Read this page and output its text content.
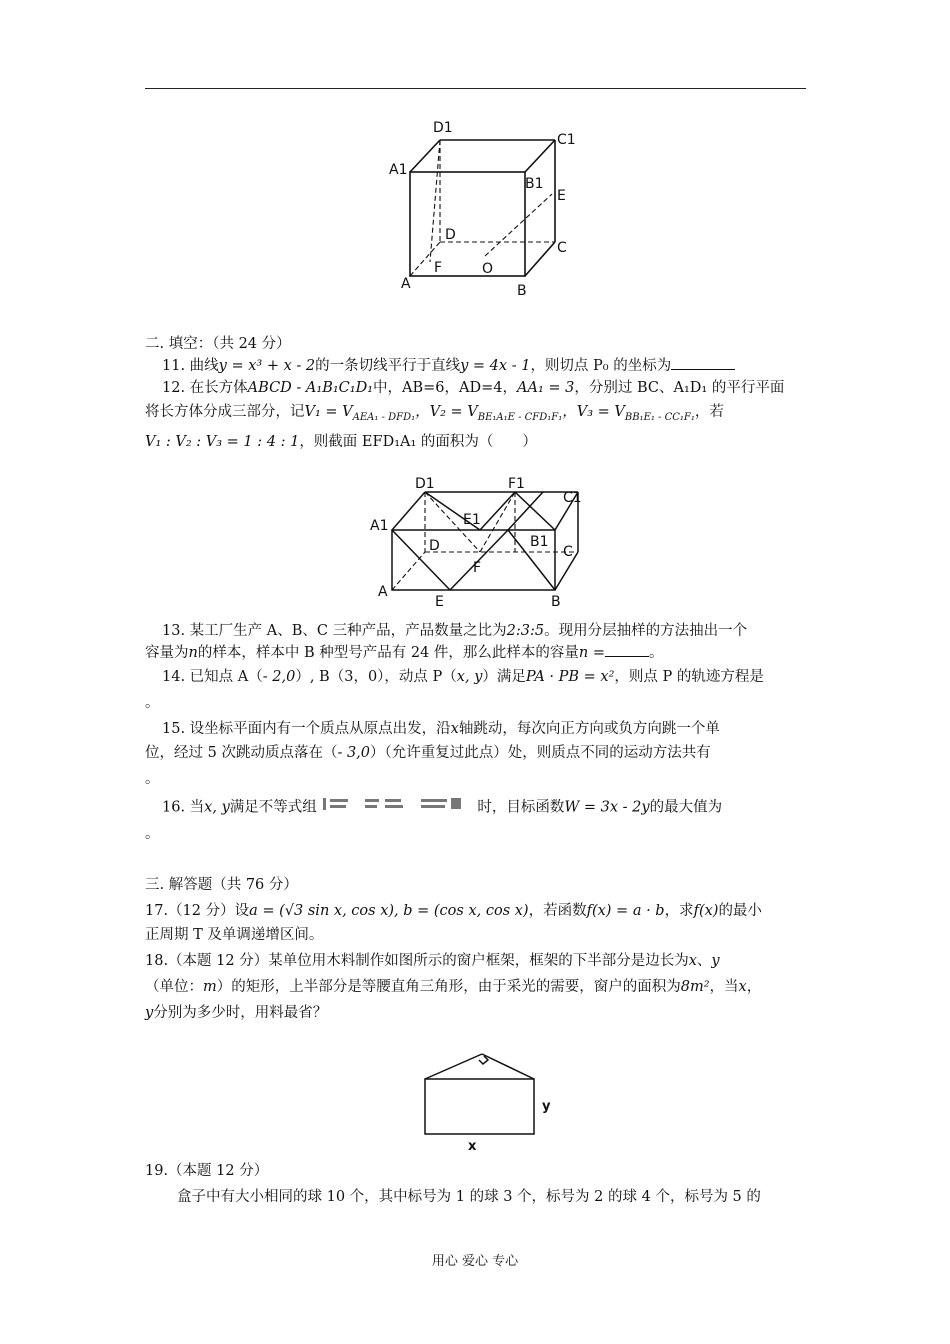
D1
C1
A1
B1
E
D
C
A
F	O
B
二. 填空：（共 24 分）
11. 曲线y = x³ + x - 2的一条切线平行于直线y = 4x - 1，则切点 P₀ 的坐标为
12. 在长方体ABCD - A₁B₁C₁D₁中，AB=6，AD=4，AA₁ = 3，分别过 BC、A₁D₁ 的平行平面
将长方体分成三部分，记$V_1 = V_{AEA_1 - DFD_1}$，$V_2 = V_{BE_1A_1E - CFD_1F_1}$，$V_3 = V_{BB_1E_1 - CC_1F_1}$，若
V₁ : V₂ : V₃ = 1 : 4 : 1，则截面 EFD₁A₁ 的面积为（　　）
D1	F1
C1
A1	E1
B1
D	C
F
A
E	B
13. 某工厂生产 A、B、C 三种产品，产品数量之比为2:3:5。现用分层抽样的方法抽出一个
容量为n的样本，样本中 B 种型号产品有 24 件，那么此样本的容量n =	。
14. 已知点 A（- 2,0）, B（3，0），动点 P（x, y）满足PA · PB = x²，则点 P 的轨迹方程是
。
15. 设坐标平面内有一个质点从原点出发，沿x轴跳动，每次向正方向或负方向跳一个单
位，经过 5 次跳动质点落在（- 3,0）（允许重复过此点）处，则质点不同的运动方法共有
。
16. 当x, y满足不等式组	时，目标函数W = 3x - 2y的最大值为
。
三. 解答题（共 76 分）
17.（12 分）设a = (√3 sin x, cos x), b = (cos x, cos x)，若函数f(x) = a · b，求f(x)的最小
正周期 T 及单调递增区间。
18.（本题 12 分）某单位用木料制作如图所示的窗户框架，框架的下半部分是边长为x、y
（单位：m）的矩形，上半部分是等腰直角三角形，由于采光的需要，窗户的面积为8m²，当x，
y分别为多少时，用料最省？
y
x
19.（本题 12 分）
盒子中有大小相同的球 10 个，其中标号为 1 的球 3 个，标号为 2 的球 4 个，标号为 5 的
用心 爱心 专心
